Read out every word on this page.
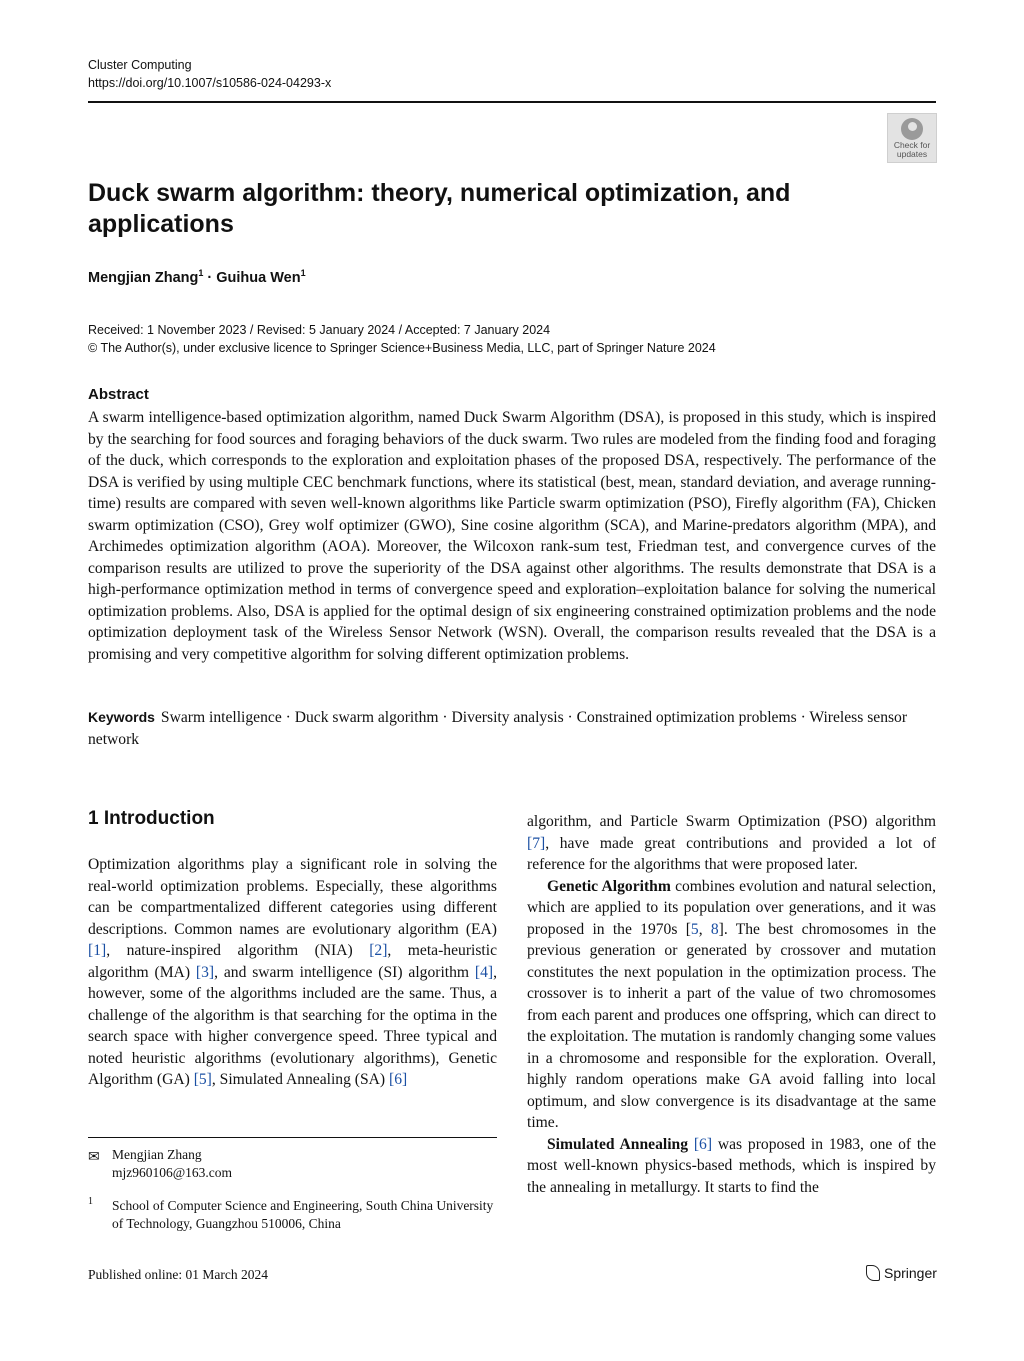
Cluster Computing
https://doi.org/10.1007/s10586-024-04293-x
Check for
updates
Duck swarm algorithm: theory, numerical optimization, and applications
Mengjian Zhang$^1$ · Guihua Wen$^1$
Received: 1 November 2023 / Revised: 5 January 2024 / Accepted: 7 January 2024
© The Author(s), under exclusive licence to Springer Science+Business Media, LLC, part of Springer Nature 2024
Abstract
A swarm intelligence-based optimization algorithm, named Duck Swarm Algorithm (DSA), is proposed in this study, which is inspired by the searching for food sources and foraging behaviors of the duck swarm. Two rules are modeled from the finding food and foraging of the duck, which corresponds to the exploration and exploitation phases of the proposed DSA, respectively. The performance of the DSA is verified by using multiple CEC benchmark functions, where its statistical (best, mean, standard deviation, and average running-time) results are compared with seven well-known algorithms like Particle swarm optimization (PSO), Firefly algorithm (FA), Chicken swarm optimization (CSO), Grey wolf optimizer (GWO), Sine cosine algorithm (SCA), and Marine-predators algorithm (MPA), and Archimedes optimization algorithm (AOA). Moreover, the Wilcoxon rank-sum test, Friedman test, and convergence curves of the comparison results are utilized to prove the superiority of the DSA against other algorithms. The results demonstrate that DSA is a high-performance optimization method in terms of convergence speed and exploration–exploitation balance for solving the numerical optimization problems. Also, DSA is applied for the optimal design of six engineering constrained optimization problems and the node optimization deployment task of the Wireless Sensor Network (WSN). Overall, the comparison results revealed that the DSA is a promising and very competitive algorithm for solving different optimization problems.
Keywords Swarm intelligence · Duck swarm algorithm · Diversity analysis · Constrained optimization problems · Wireless sensor network
1 Introduction
Optimization algorithms play a significant role in solving the real-world optimization problems. Especially, these algorithms can be compartmentalized different categories using different descriptions. Common names are evolutionary algorithm (EA) [1], nature-inspired algorithm (NIA) [2], meta-heuristic algorithm (MA) [3], and swarm intelligence (SI) algorithm [4], however, some of the algorithms included are the same. Thus, a challenge of the algorithm is that searching for the optima in the search space with higher convergence speed. Three typical and noted heuristic algorithms (evolutionary algorithms), Genetic Algorithm (GA) [5], Simulated Annealing (SA) [6]

algorithm, and Particle Swarm Optimization (PSO) algorithm [7], have made great contributions and provided a lot of reference for the algorithms that were proposed later.

Genetic Algorithm combines evolution and natural selection, which are applied to its population over generations, and it was proposed in the 1970s [5, 8]. The best chromosomes in the previous generation or generated by crossover and mutation constitutes the next population in the optimization process. The crossover is to inherit a part of the value of two chromosomes from each parent and produces one offspring, which can direct to the exploitation. The mutation is randomly changing some values in a chromosome and responsible for the exploration. Overall, highly random operations make GA avoid falling into local optimum, and slow convergence is its disadvantage at the same time.

Simulated Annealing [6] was proposed in 1983, one of the most well-known physics-based methods, which is inspired by the annealing in metallurgy. It starts to find the

✉ Mengjian Zhang
mjz960106@163.com
1 School of Computer Science and Engineering, South China University of Technology, Guangzhou 510006, China
Published online: 01 March 2024	Springer
